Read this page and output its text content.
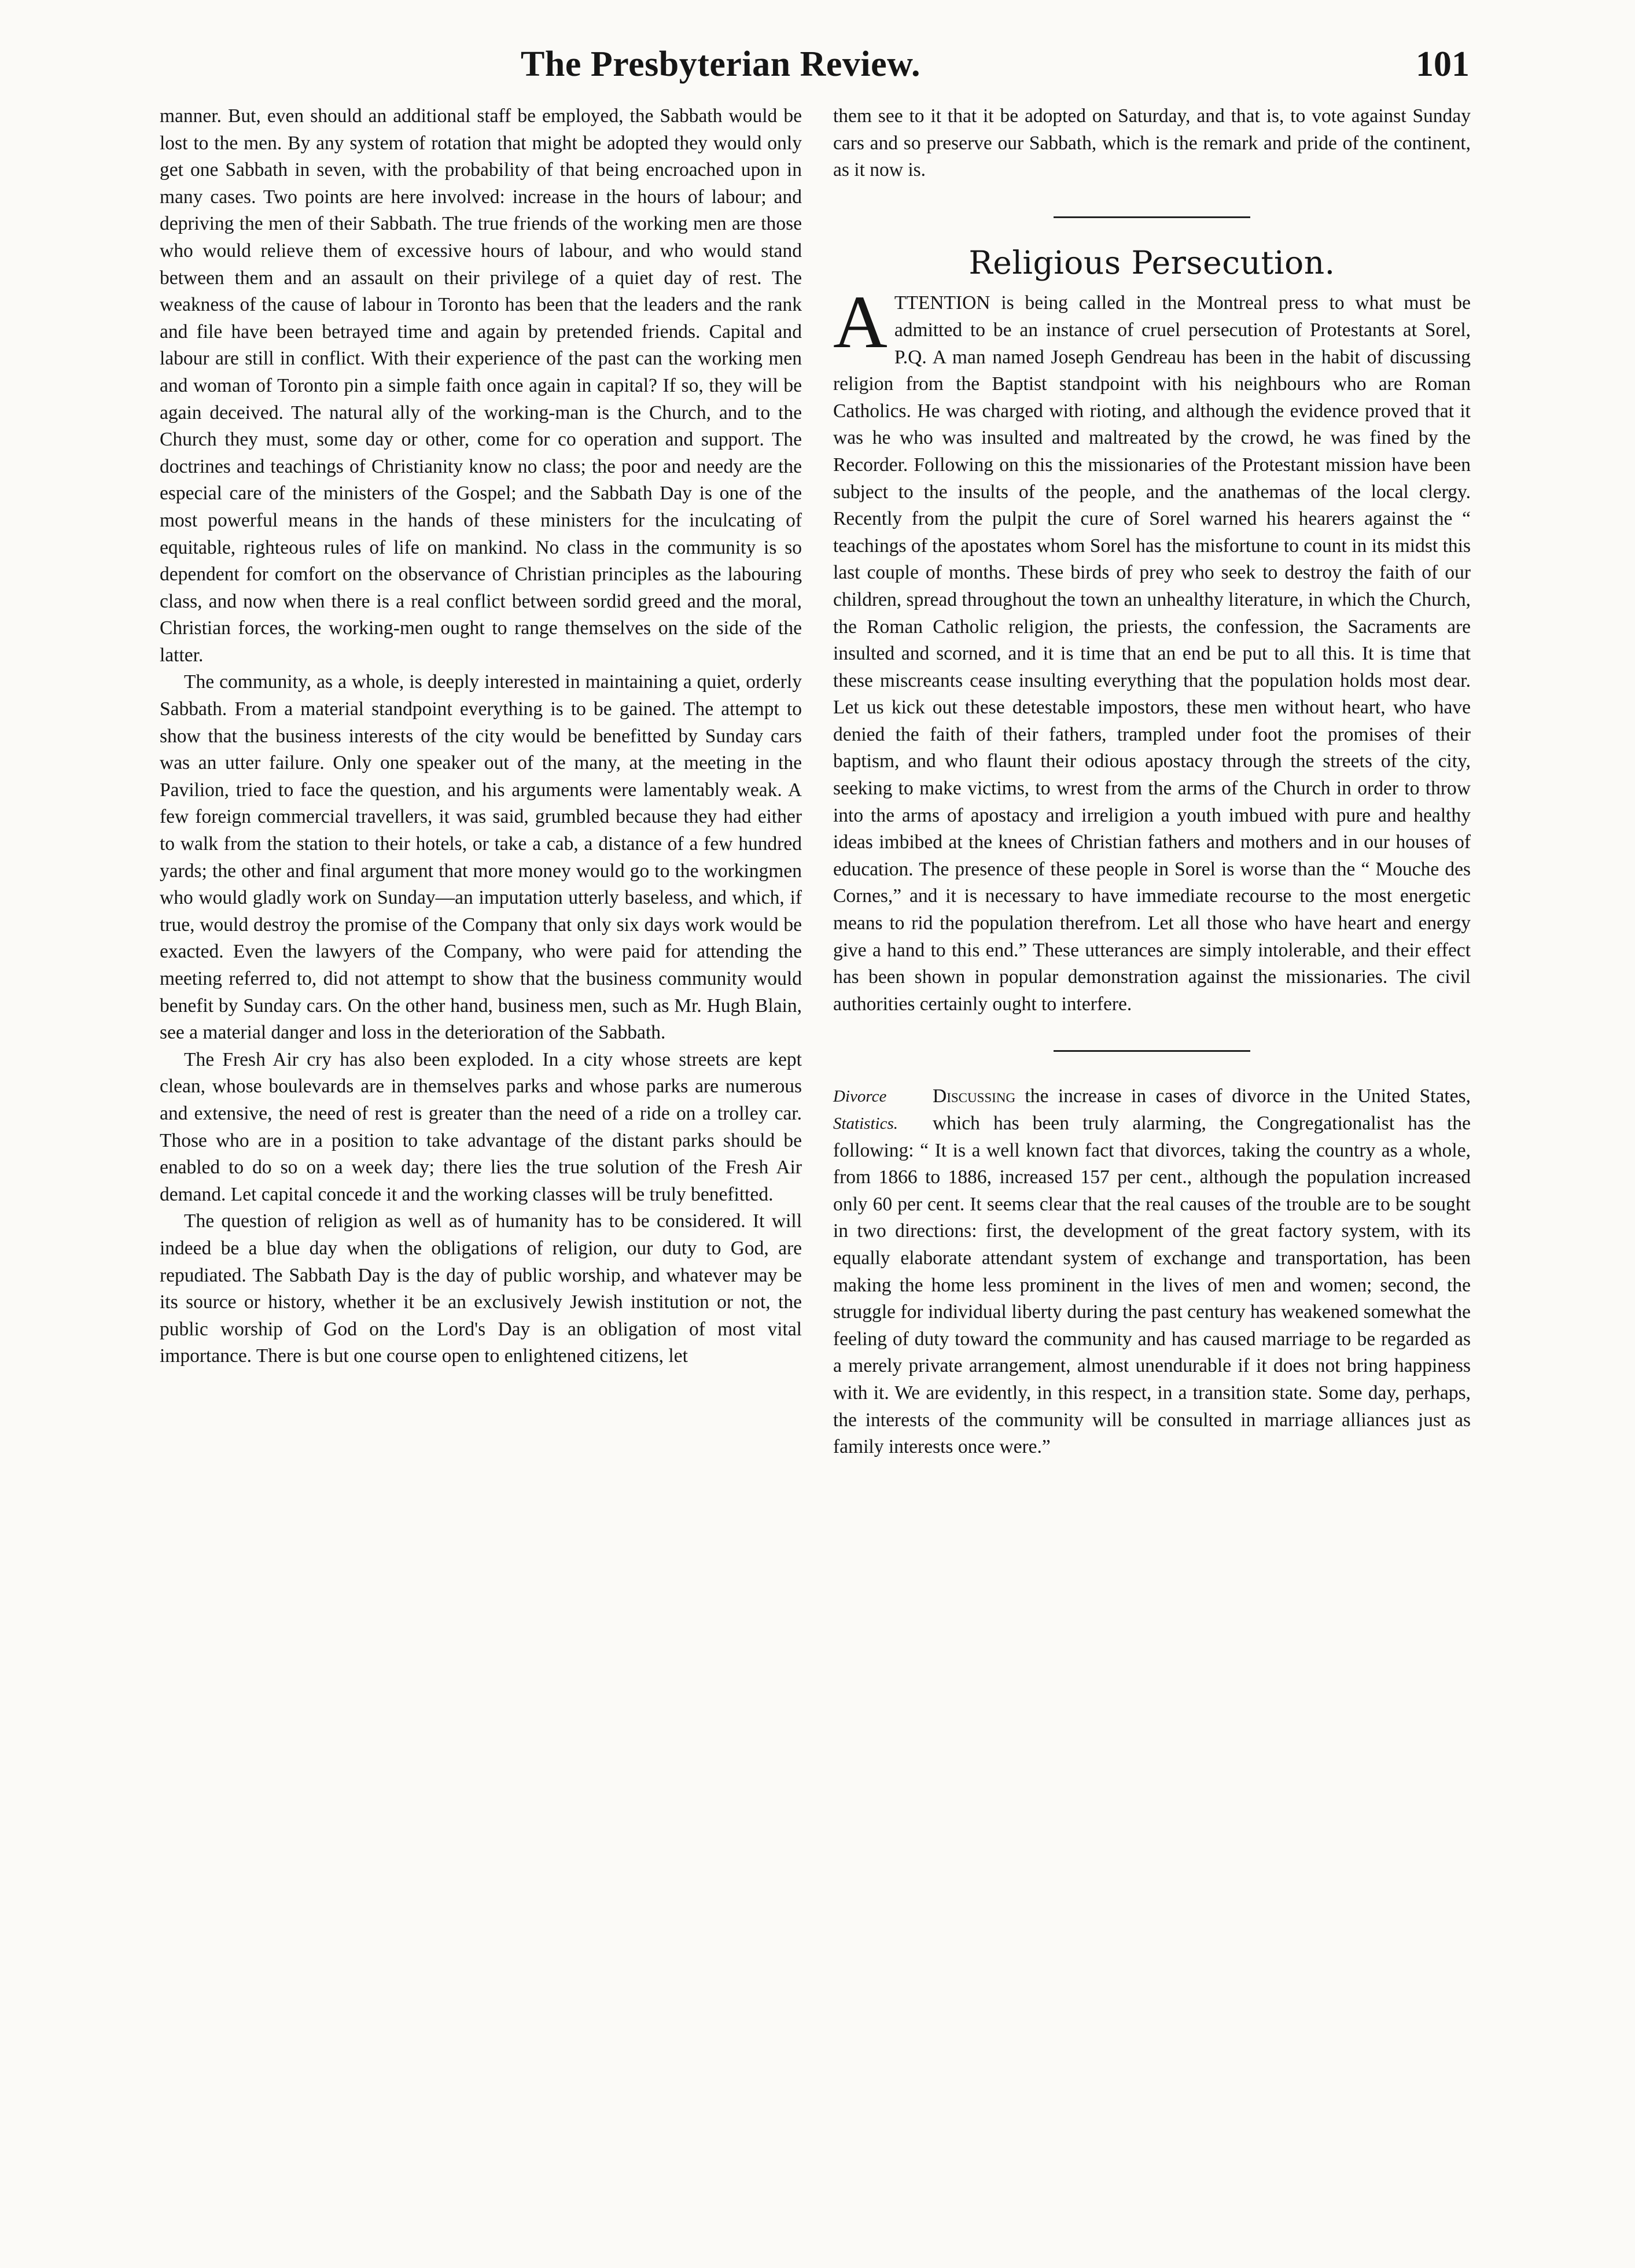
The Presbyterian Review.	101

manner. But, even should an additional staff be employed, the Sabbath would be lost to the men. By any system of rotation that might be adopted they would only get one Sabbath in seven, with the probability of that being encroached upon in many cases. Two points are here involved: increase in the hours of labour; and depriving the men of their Sabbath. The true friends of the working men are those who would relieve them of excessive hours of labour, and who would stand between them and an assault on their privilege of a quiet day of rest. The weakness of the cause of labour in Toronto has been that the leaders and the rank and file have been betrayed time and again by pretended friends. Capital and labour are still in conflict. With their experience of the past can the working men and woman of Toronto pin a simple faith once again in capital? If so, they will be again deceived. The natural ally of the working-man is the Church, and to the Church they must, some day or other, come for co operation and support. The doctrines and teachings of Christianity know no class; the poor and needy are the especial care of the ministers of the Gospel; and the Sabbath Day is one of the most powerful means in the hands of these ministers for the inculcating of equitable, righteous rules of life on mankind. No class in the community is so dependent for comfort on the observance of Christian principles as the labouring class, and now when there is a real conflict between sordid greed and the moral, Christian forces, the working-men ought to range themselves on the side of the latter.

The community, as a whole, is deeply interested in maintaining a quiet, orderly Sabbath. From a material standpoint everything is to be gained. The attempt to show that the business interests of the city would be benefitted by Sunday cars was an utter failure. Only one speaker out of the many, at the meeting in the Pavilion, tried to face the question, and his arguments were lamentably weak. A few foreign commercial travellers, it was said, grumbled because they had either to walk from the station to their hotels, or take a cab, a distance of a few hundred yards; the other and final argument that more money would go to the workingmen who would gladly work on Sunday—an imputation utterly baseless, and which, if true, would destroy the promise of the Company that only six days work would be exacted. Even the lawyers of the Company, who were paid for attending the meeting referred to, did not attempt to show that the business community would benefit by Sunday cars. On the other hand, business men, such as Mr. Hugh Blain, see a material danger and loss in the deterioration of the Sabbath.

The Fresh Air cry has also been exploded. In a city whose streets are kept clean, whose boulevards are in themselves parks and whose parks are numerous and extensive, the need of rest is greater than the need of a ride on a trolley car. Those who are in a position to take advantage of the distant parks should be enabled to do so on a week day; there lies the true solution of the Fresh Air demand. Let capital concede it and the working classes will be truly benefitted.

The question of religion as well as of humanity has to be considered. It will indeed be a blue day when the obligations of religion, our duty to God, are repudiated. The Sabbath Day is the day of public worship, and whatever may be its source or history, whether it be an exclusively Jewish institution or not, the public worship of God on the Lord's Day is an obligation of most vital importance. There is but one course open to enlightened citizens, let

them see to it that it be adopted on Saturday, and that is, to vote against Sunday cars and so preserve our Sabbath, which is the remark and pride of the continent, as it now is.

Religious Persecution.

A TTENTION is being called in the Montreal press to what must be admitted to be an instance of cruel persecution of Protestants at Sorel, P.Q. A man named Joseph Gendreau has been in the habit of discussing religion from the Baptist standpoint with his neighbours who are Roman Catholics. He was charged with rioting, and although the evidence proved that it was he who was insulted and maltreated by the crowd, he was fined by the Recorder. Following on this the missionaries of the Protestant mission have been subject to the insults of the people, and the anathemas of the local clergy. Recently from the pulpit the cure of Sorel warned his hearers against the “ teachings of the apostates whom Sorel has the misfortune to count in its midst this last couple of months. These birds of prey who seek to destroy the faith of our children, spread throughout the town an unhealthy literature, in which the Church, the Roman Catholic religion, the priests, the confession, the Sacraments are insulted and scorned, and it is time that an end be put to all this. It is time that these miscreants cease insulting everything that the population holds most dear. Let us kick out these detestable impostors, these men without heart, who have denied the faith of their fathers, trampled under foot the promises of their baptism, and who flaunt their odious apostacy through the streets of the city, seeking to make victims, to wrest from the arms of the Church in order to throw into the arms of apostacy and irreligion a youth imbued with pure and healthy ideas imbibed at the knees of Christian fathers and mothers and in our houses of education. The presence of these people in Sorel is worse than the “ Mouche des Cornes,” and it is necessary to have immediate recourse to the most energetic means to rid the population therefrom. Let all those who have heart and energy give a hand to this end.” These utterances are simply intolerable, and their effect has been shown in popular demonstration against the missionaries. The civil authorities certainly ought to interfere.

Divorce Statistics.
Discussing the increase in cases of divorce in the United States, which has been truly alarming, the Congregationalist has the following: “ It is a well known fact that divorces, taking the country as a whole, from 1866 to 1886, increased 157 per cent., although the population increased only 60 per cent. It seems clear that the real causes of the trouble are to be sought in two directions: first, the development of the great factory system, with its equally elaborate attendant system of exchange and transportation, has been making the home less prominent in the lives of men and women; second, the struggle for individual liberty during the past century has weakened somewhat the feeling of duty toward the community and has caused marriage to be regarded as a merely private arrangement, almost unendurable if it does not bring happiness with it. We are evidently, in this respect, in a transition state. Some day, perhaps, the interests of the community will be consulted in marriage alliances just as family interests once were.”
